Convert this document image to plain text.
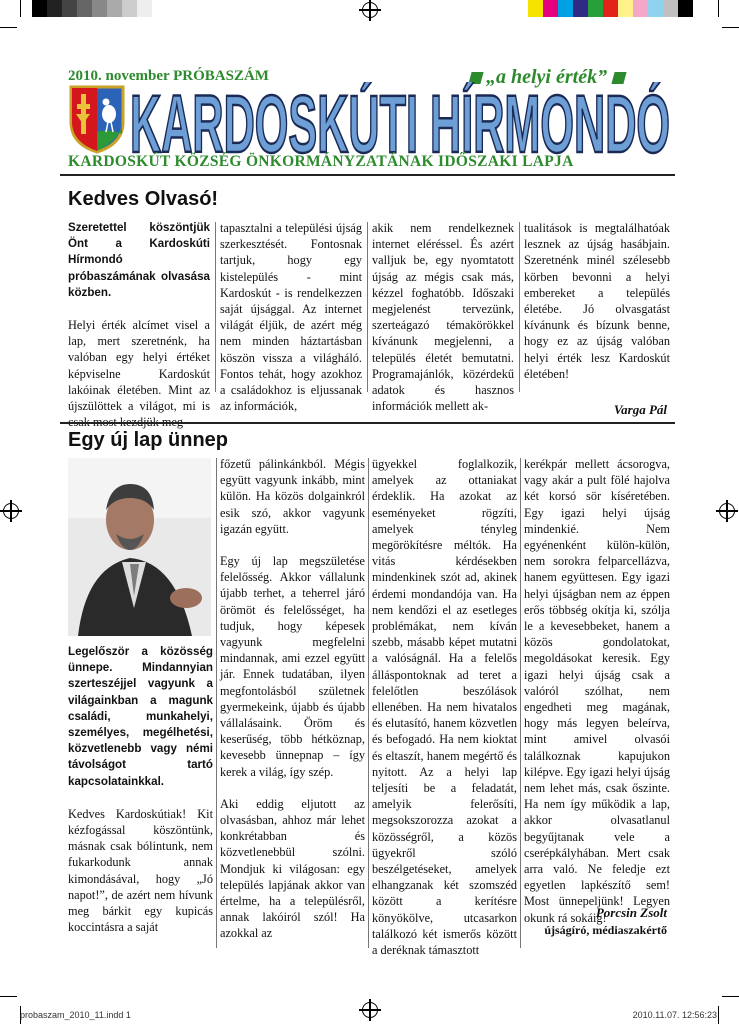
2010. november PRÓBASZÁM	„a helyi érték”
KARDOSKÚTI HÍRMONDÓ
KARDOSKÚT KÖZSÉG ÖNKORMÁNYZATÁNAK IDŐSZAKI LAPJA
Kedves Olvasó!

Szeretettel köszöntjük Önt a Kardoskúti Hírmondó próbaszámának olvasása közben.

Helyi érték alcímet visel a lap, mert szeretnénk, ha valóban egy helyi értéket képviselne Kardoskút lakóinak életében. Mint az újszülöttek a világot, mi is

tapasztalni a települési újság szerkesztését. Fontosnak tartjuk, hogy egy kistelepülés - mint Kardoskút - is rendelkezzen saját újsággal. Az internet világát éljük, de azért még nem minden háztartásban köszön vissza a világháló. Fontos tehát, hogy azokhoz a családokhoz is eljussanak az információk,

akik nem rendelkeznek internet eléréssel. És azért valljuk be, egy nyomtatott újság az mégis csak más, kézzel foghatóbb. Időszaki megjelenést tervezünk, szerteágazó témakörökkel kívánunk megjelenni, a település életét bemutatni. Programajánlók, közérdekű adatok és hasznos információk mellett ak-

tualitások is megtalálhatóak lesznek az újság hasábjain. Szeretnénk minél szélesebb körben bevonni a helyi embereket a település életébe. Jó olvasgatást kívánunk és bízunk benne, hogy ez az újság valóban helyi érték lesz Kardoskút életében!

Varga Pál
Egy új lap ünnep

Legelőször a közösség ünnepe. Mindannyian szerteszéjjel vagyunk a világainkban a magunk családi, munkahelyi, személyes, megélhetési, közvetlenebb vagy némi távolságot tartó kapcsolatainkkal.

Kedves Kardoskútiak! Kit kézfogással köszöntünk, másnak csak bólintunk, nem fukarkodunk annak kimondásával, hogy „Jó napot!”, de azért nem hívunk meg bárkit egy kupicás koccintásra a saját

főzetű pálinkánkból. Mégis együtt vagyunk inkább, mint külön. Ha közös dolgainkról esik szó, akkor vagyunk igazán együtt.

Egy új lap megszületése felelősség. Akkor vállalunk újabb terhet, a teherrel járó örömöt és felelősséget, ha tudjuk, hogy képesek vagyunk megfelelni mindannak, ami ezzel együtt jár. Ennek tudatában, ilyen megfontolásból születnek gyermekeink, újabb és újabb vállalásaink. Öröm és keserűség, több hétköznap, kevesebb ünnepnap – így kerek a világ, így szép.

Aki eddig eljutott az olvasásban, ahhoz már lehet konkrétabban és közvetlenebbül szólni. Mondjuk ki világosan: egy település lapjának akkor van értelme, ha a településről, annak lakóiról szól! Ha azokkal az

ügyekkel foglalkozik, amelyek az ottaniakat érdeklik. Ha azokat az eseményeket rögzíti, amelyek tényleg megörökítésre méltók. Ha vitás kérdésekben mindenkinek szót ad, akinek érdemi mondandója van. Ha nem kendőzi el az esetleges problémákat, nem kíván szebb, másabb képet mutatni a valóságnál. Ha a felelős álláspontoknak ad teret a felelőtlen beszólások ellenében. Ha nem hivatalos és elutasító, hanem közvetlen és befogadó. Ha nem kioktat és eltaszít, hanem megértő és nyitott. Az a helyi lap teljesíti be a feladatát, amelyik felerősíti, megsokszorozza azokat a közösségről, a közös ügyekről szóló beszélgetéseket, amelyek elhangzanak két szomszéd között a kerítésre könyökölve, utcasarkon találkozó két ismerős között a deréknak támasztott

kerékpár mellett ácsorogva, vagy akár a pult fölé hajolva két korsó sör kíséretében. Egy igazi helyi újság mindenkié. Nem egyénenként külön-külön, nem sorokra felparcellázva, hanem együttesen. Egy igazi helyi újságban nem az éppen erős többség okítja ki, szólja le a kevesebbeket, hanem a közös gondolatokat, megoldásokat keresik. Egy igazi helyi újság csak a valóról szólhat, nem engedheti meg magának, hogy más legyen beleírva, mint amivel olvasói találkoznak kapujukon kilépve. Egy igazi helyi újság nem lehet más, csak őszinte. Ha nem így működik a lap, akkor olvasatlanul begyűjtanak vele a cserépkályhában. Mert csak arra való. Ne feledje ezt egyetlen lapkészítő sem! Most ünnepeljünk! Legyen okunk rá sokáig!

Porcsin Zsolt
újságíró, médiaszakértő
probaszam_2010_11.indd 1	2010.11.07. 12:56:23
